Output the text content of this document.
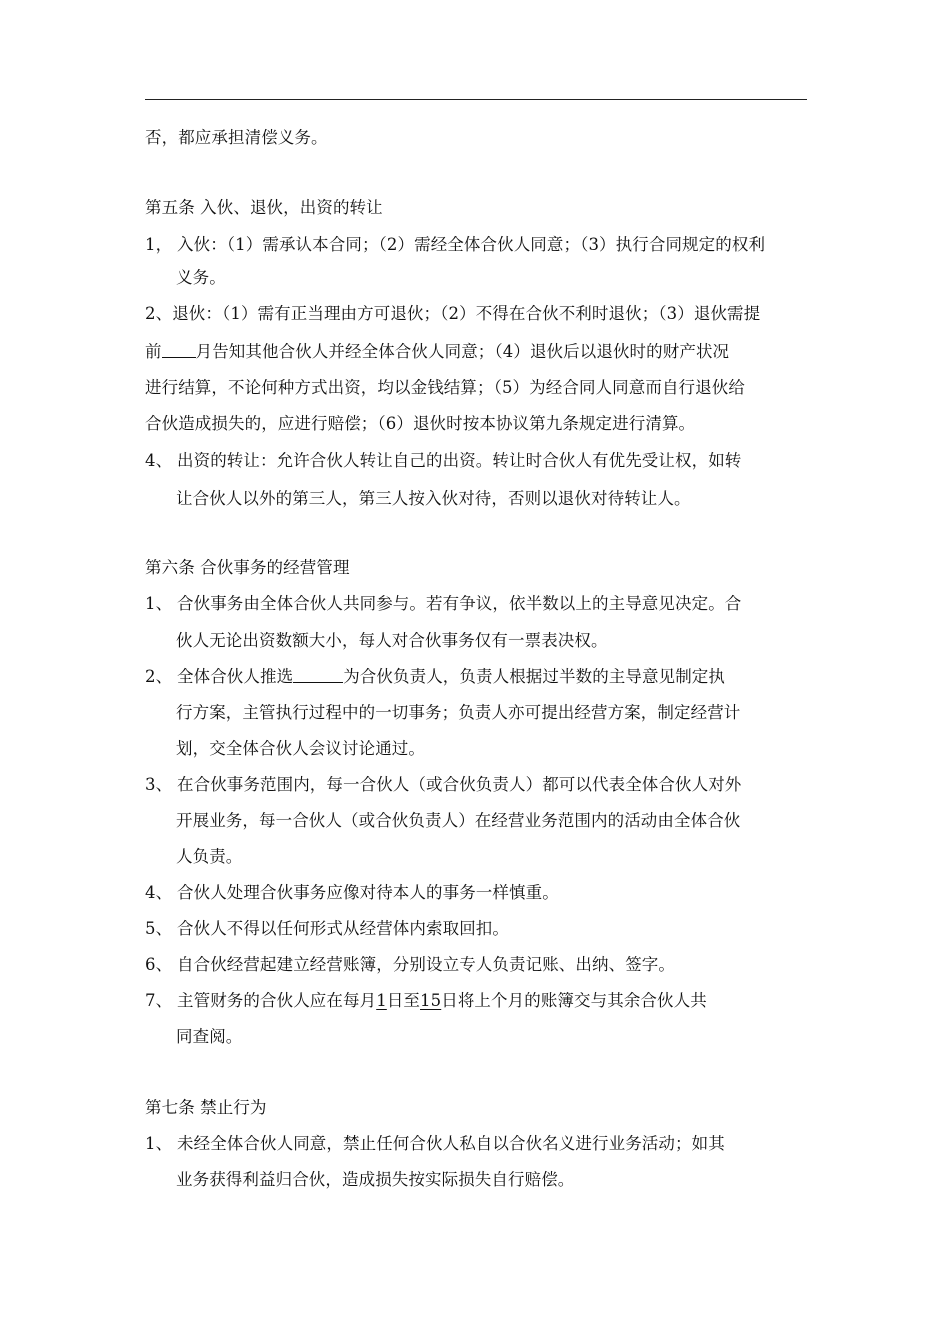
否，都应承担清偿义务。
第五条 入伙、退伙，出资的转让
1， 入伙：（1）需承认本合同；（2）需经全体合伙人同意；（3）执行合同规定的权利
义务。
2、退伙：（1）需有正当理由方可退伙；（2）不得在合伙不利时退伙；（3）退伙需提
前 月告知其他合伙人并经全体合伙人同意；（4）退伙后以退伙时的财产状况
进行结算，不论何种方式出资，均以金钱结算；（5）为经合同人同意而自行退伙给
合伙造成损失的，应进行赔偿；（6）退伙时按本协议第九条规定进行清算。
4、 出资的转让：允许合伙人转让自己的出资。转让时合伙人有优先受让权，如转
让合伙人以外的第三人，第三人按入伙对待，否则以退伙对待转让人。
第六条 合伙事务的经营管理
1、 合伙事务由全体合伙人共同参与。若有争议，依半数以上的主导意见决定。合
伙人无论出资数额大小，每人对合伙事务仅有一票表决权。
2、 全体合伙人推选	为合伙负责人，负责人根据过半数的主导意见制定执
行方案，主管执行过程中的一切事务；负责人亦可提出经营方案，制定经营计
划，交全体合伙人会议讨论通过。
3、 在合伙事务范围内，每一合伙人（或合伙负责人）都可以代表全体合伙人对外
开展业务，每一合伙人（或合伙负责人）在经营业务范围内的活动由全体合伙
人负责。
4、 合伙人处理合伙事务应像对待本人的事务一样慎重。
5、 合伙人不得以任何形式从经营体内索取回扣。
6、 自合伙经营起建立经营账簿，分别设立专人负责记账、出纳、签字。
7、 主管财务的合伙人应在每月1日至15日将上个月的账簿交与其余合伙人共
同查阅。
第七条 禁止行为
1、 未经全体合伙人同意，禁止任何合伙人私自以合伙名义进行业务活动；如其
业务获得利益归合伙，造成损失按实际损失自行赔偿。
